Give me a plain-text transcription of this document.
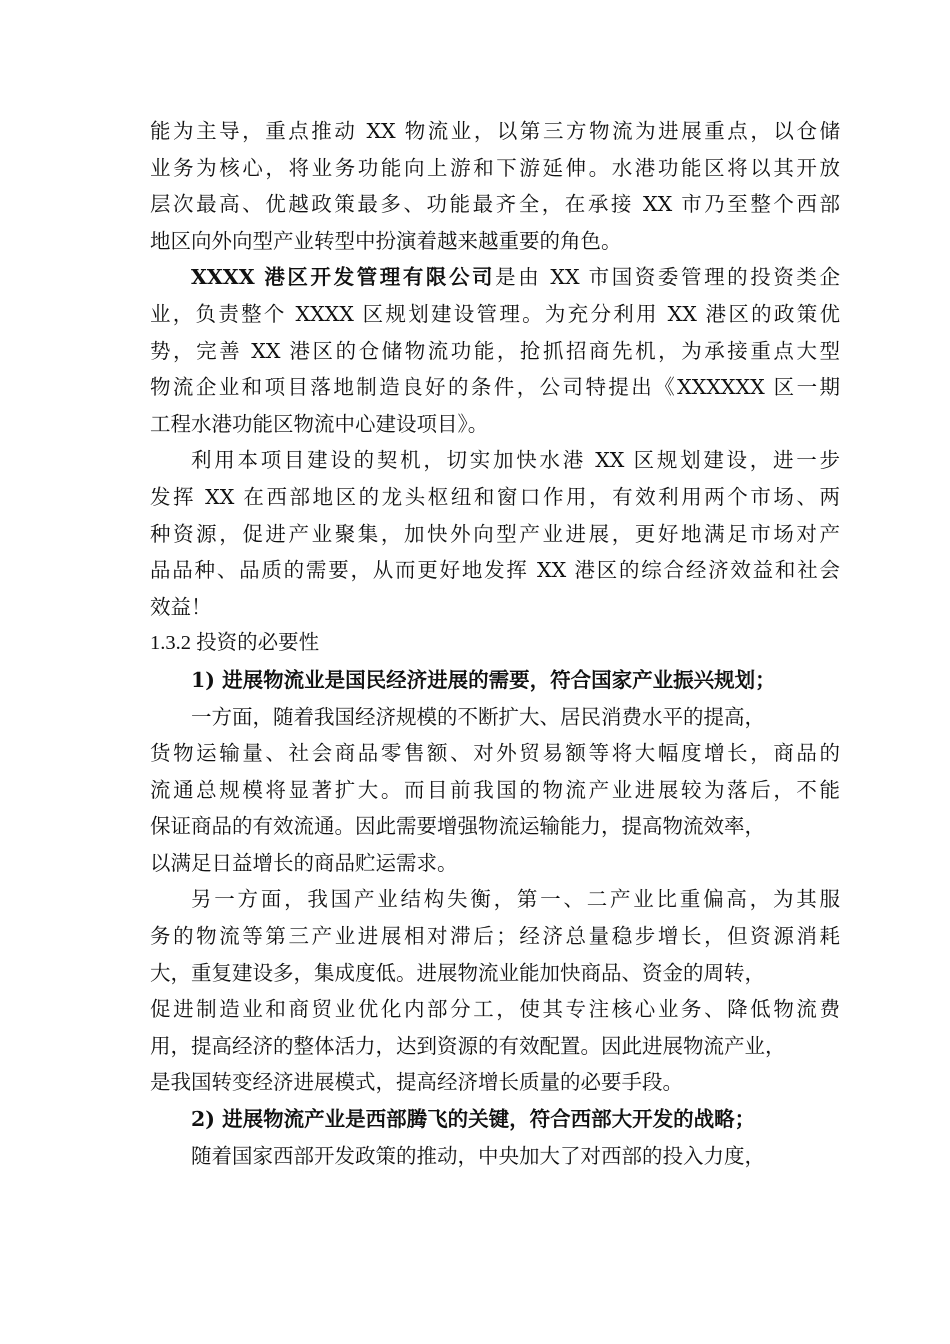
能为主导，重点推动 XX 物流业，以第三方物流为进展重点，以仓储
业务为核心，将业务功能向上游和下游延伸。水港功能区将以其开放
层次最高、优越政策最多、功能最齐全，在承接 XX 市乃至整个西部
地区向外向型产业转型中扮演着越来越重要的角色。
XXXX 港区开发管理有限公司是由 XX 市国资委管理的投资类企
业，负责整个 XXXX 区规划建设管理。为充分利用 XX 港区的政策优
势，完善 XX 港区的仓储物流功能，抢抓招商先机，为承接重点大型
物流企业和项目落地制造良好的条件，公司特提出《XXXXXX 区一期
工程水港功能区物流中心建设项目》。
利用本项目建设的契机，切实加快水港 XX 区规划建设，进一步
发挥 XX 在西部地区的龙头枢纽和窗口作用，有效利用两个市场、两
种资源，促进产业聚集，加快外向型产业进展，更好地满足市场对产
品品种、品质的需要，从而更好地发挥 XX 港区的综合经济效益和社会
效益！
1.3.2 投资的必要性
1) 进展物流业是国民经济进展的需要，符合国家产业振兴规划；
一方面，随着我国经济规模的不断扩大、居民消费水平的提高，
货物运输量、社会商品零售额、对外贸易额等将大幅度增长，商品的
流通总规模将显著扩大。而目前我国的物流产业进展较为落后，不能
保证商品的有效流通。因此需要增强物流运输能力，提高物流效率，
以满足日益增长的商品贮运需求。
另一方面，我国产业结构失衡，第一、二产业比重偏高，为其服
务的物流等第三产业进展相对滞后；经济总量稳步增长，但资源消耗
大，重复建设多，集成度低。进展物流业能加快商品、资金的周转，
促进制造业和商贸业优化内部分工，使其专注核心业务、降低物流费
用，提高经济的整体活力，达到资源的有效配置。因此进展物流产业，
是我国转变经济进展模式，提高经济增长质量的必要手段。
2) 进展物流产业是西部腾飞的关键，符合西部大开发的战略；
随着国家西部开发政策的推动，中央加大了对西部的投入力度，
